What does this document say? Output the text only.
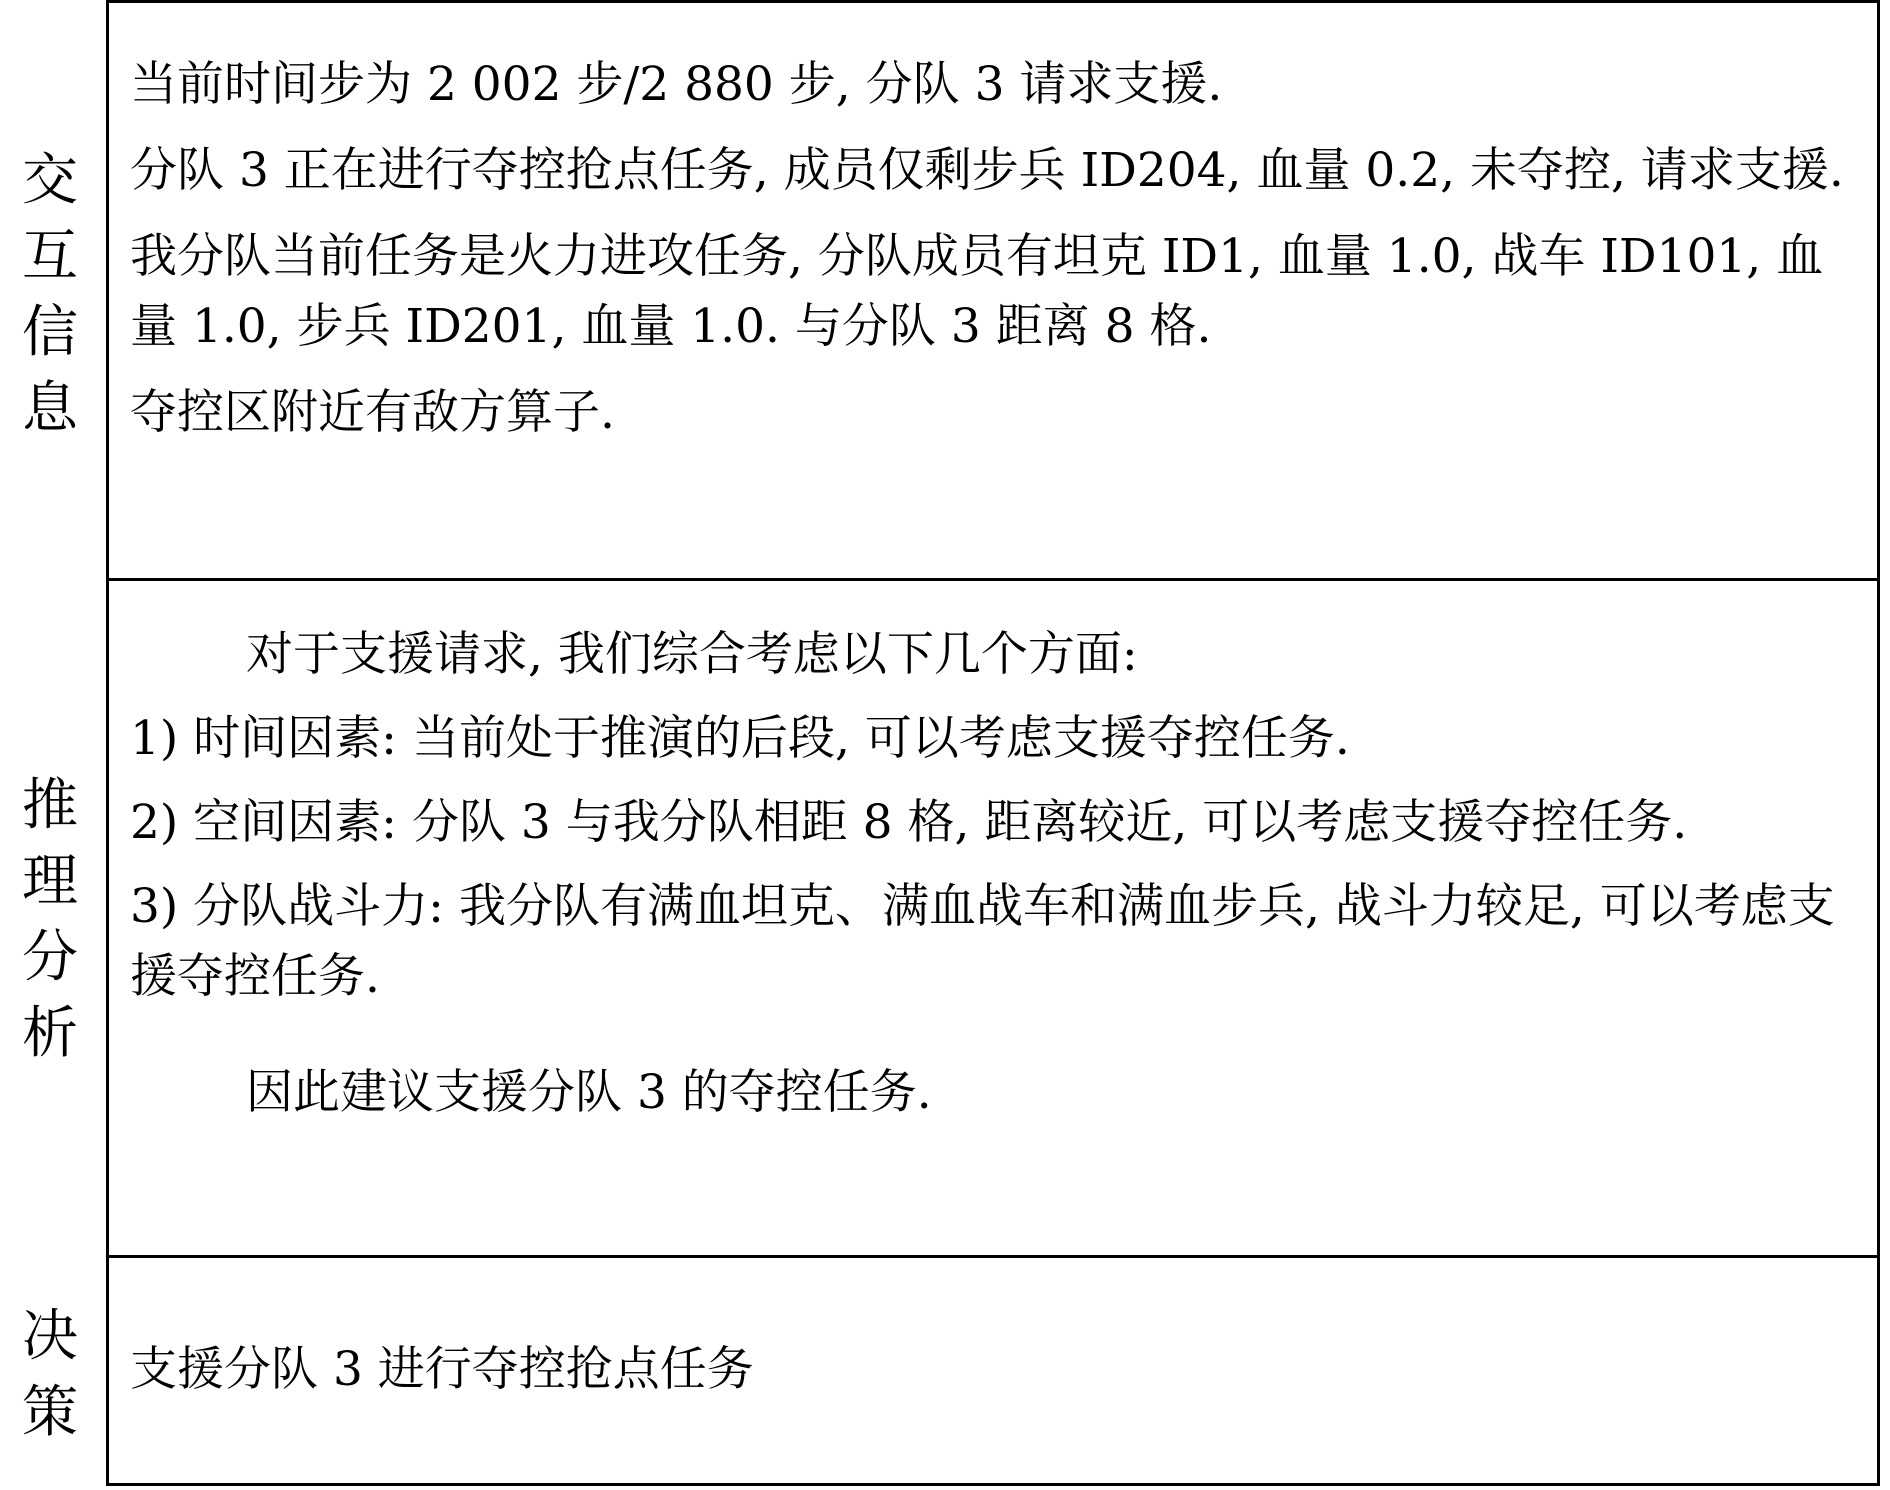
交
互
信
息

当前时间步为 2 002 步/2 880 步, 分队 3 请求支援.

分队 3 正在进行夺控抢点任务, 成员仅剩步兵 ID204, 血量 0.2, 未夺控, 请求支援.

我分队当前任务是火力进攻任务, 分队成员有坦克 ID1, 血量 1.0, 战车 ID101, 血量 1.0, 步兵 ID201, 血量 1.0. 与分队 3 距离 8 格.

夺控区附近有敌方算子.

推
理
分
析

对于支援请求, 我们综合考虑以下几个方面:

1) 时间因素: 当前处于推演的后段, 可以考虑支援夺控任务.

2) 空间因素: 分队 3 与我分队相距 8 格, 距离较近, 可以考虑支援夺控任务.

3) 分队战斗力: 我分队有满血坦克、满血战车和满血步兵, 战斗力较足, 可以考虑支援夺控任务.

因此建议支援分队 3 的夺控任务.

决
策

支援分队 3 进行夺控抢点任务
